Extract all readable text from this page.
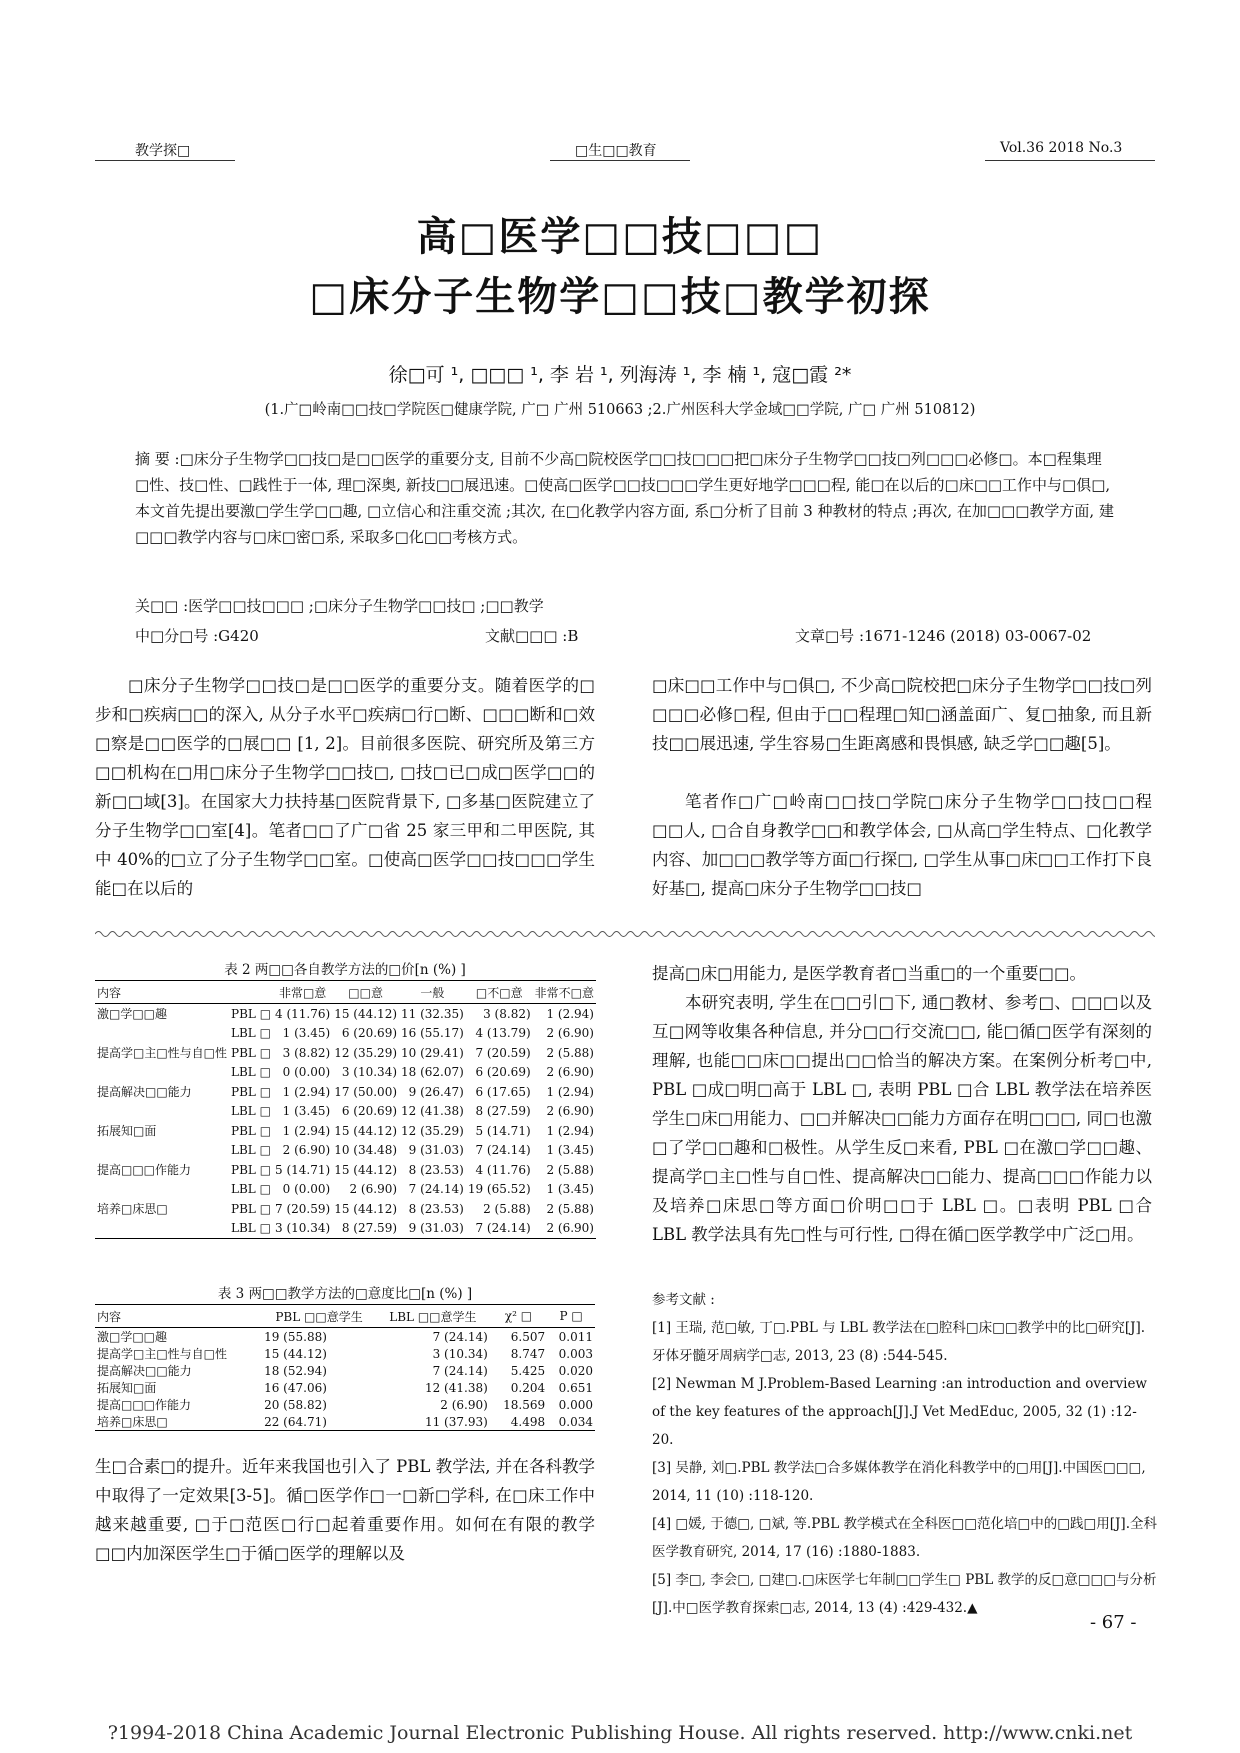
教学探□	□生□□教育	Vol.36 2018 No.3
高□医学□□技□□□
□床分子生物学□□技□教学初探
徐□可 ¹, □□□ ¹, 李 岩 ¹, 列海涛 ¹, 李 楠 ¹, 寇□霞 ²*
(1.广□岭南□□技□学院医□健康学院, 广□ 广州 510663 ;2.广州医科大学金域□□学院, 广□ 广州 510812)
摘 要 :□床分子生物学□□技□是□□医学的重要分支, 目前不少高□院校医学□□技□□□把□床分子生物学□□技□列□□□必修□。本□程集理□性、技□性、□践性于一体, 理□深奥, 新技□□展迅速。□使高□医学□□技□□□学生更好地学□□□程, 能□在以后的□床□□工作中与□俱□, 本文首先提出要激□学生学□□趣, □立信心和注重交流 ;其次, 在□化教学内容方面, 系□分析了目前 3 种教材的特点 ;再次, 在加□□□教学方面, 建□□□教学内容与□床□密□系, 采取多□化□□考核方式。
关□□ :医学□□技□□□ ;□床分子生物学□□技□ ;□□教学
中□分□号 :G420	文献□□□ :B	文章□号 :1671-1246 (2018) 03-0067-02
□床分子生物学□□技□是□□医学的重要分支。随着医学的□步和□疾病□□的深入, 从分子水平□疾病□行□断、□□□断和□效□察是□□医学的□展□□ [1, 2]。目前很多医院、研究所及第三方□□机构在□用□床分子生物学□□技□, □技□已□成□医学□□的新□□域[3]。在国家大力扶持基□医院背景下, □多基□医院建立了分子生物学□□室[4]。笔者□□了广□省 25 家三甲和二甲医院, 其中 40%的□立了分子生物学□□室。□使高□医学□□技□□□学生能□在以后的
□床□□工作中与□俱□, 不少高□院校把□床分子生物学□□技□列□□□必修□程, 但由于□□程理□知□涵盖面广、复□抽象, 而且新技□□展迅速, 学生容易□生距离感和畏惧感, 缺乏学□□趣[5]。
笔者作□广□岭南□□技□学院□床分子生物学□□技□□程□□人, □合自身教学□□和教学体会, □从高□学生特点、□化教学内容、加□□□教学等方面□行探□, □学生从事□床□□工作打下良好基□, 提高□床分子生物学□□技□
表 2 两□□各自教学方法的□价[n (%) ]
内容		非常□意	□□意	一般	□不□意	非常不□意
激□学□□趣	PBL □	4 (11.76)	15 (44.12)	11 (32.35)	3 (8.82)	1 (2.94)
	LBL □	1 (3.45)	6 (20.69)	16 (55.17)	4 (13.79)	2 (6.90)
提高学□主□性与自□性	PBL □	3 (8.82)	12 (35.29)	10 (29.41)	7 (20.59)	2 (5.88)
	LBL □	0 (0.00)	3 (10.34)	18 (62.07)	6 (20.69)	2 (6.90)
提高解决□□能力	PBL □	1 (2.94)	17 (50.00)	9 (26.47)	6 (17.65)	1 (2.94)
	LBL □	1 (3.45)	6 (20.69)	12 (41.38)	8 (27.59)	2 (6.90)
拓展知□面	PBL □	1 (2.94)	15 (44.12)	12 (35.29)	5 (14.71)	1 (2.94)
	LBL □	2 (6.90)	10 (34.48)	9 (31.03)	7 (24.14)	1 (3.45)
提高□□□作能力	PBL □	5 (14.71)	15 (44.12)	8 (23.53)	4 (11.76)	2 (5.88)
	LBL □	0 (0.00)	2 (6.90)	7 (24.14)	19 (65.52)	1 (3.45)
培养□床思□	PBL □	7 (20.59)	15 (44.12)	8 (23.53)	2 (5.88)	2 (5.88)
	LBL □	3 (10.34)	8 (27.59)	9 (31.03)	7 (24.14)	2 (6.90)
表 3 两□□教学方法的□意度比□[n (%) ]
内容	PBL □□意学生	LBL □□意学生	χ² □	P □
激□学□□趣	19 (55.88)	7 (24.14)	6.507	0.011
提高学□主□性与自□性	15 (44.12)	3 (10.34)	8.747	0.003
提高解决□□能力	18 (52.94)	7 (24.14)	5.425	0.020
拓展知□面	16 (47.06)	12 (41.38)	0.204	0.651
提高□□□作能力	20 (58.82)	2 (6.90)	18.569	0.000
培养□床思□	22 (64.71)	11 (37.93)	4.498	0.034
生□合素□的提升。近年来我国也引入了 PBL 教学法, 并在各科教学中取得了一定效果[3-5]。循□医学作□一□新□学科, 在□床工作中越来越重要, □于□范医□行□起着重要作用。如何在有限的教学□□内加深医学生□于循□医学的理解以及
提高□床□用能力, 是医学教育者□当重□的一个重要□□。
本研究表明, 学生在□□引□下, 通□教材、参考□、□□□以及互□网等收集各种信息, 并分□□行交流□□, 能□循□医学有深刻的理解, 也能□□床□□提出□□恰当的解决方案。在案例分析考□中, PBL □成□明□高于 LBL □, 表明 PBL □合 LBL 教学法在培养医学生□床□用能力、□□并解决□□能力方面存在明□□□, 同□也激□了学□□趣和□极性。从学生反□来看, PBL □在激□学□□趣、提高学□主□性与自□性、提高解决□□能力、提高□□□作能力以及培养□床思□等方面□价明□□于 LBL □。□表明 PBL □合 LBL 教学法具有先□性与可行性, □得在循□医学教学中广泛□用。
参考文献 :
[1] 王瑞, 范□敏, 丁□.PBL 与 LBL 教学法在□腔科□床□□教学中的比□研究[J].牙体牙髓牙周病学□志, 2013, 23 (8) :544-545.
[2] Newman M J.Problem-Based Learning :an introduction and overview of the key features of the approach[J].J Vet MedEduc, 2005, 32 (1) :12-20.
[3] 吴静, 刘□.PBL 教学法□合多媒体教学在消化科教学中的□用[J].中国医□□□, 2014, 11 (10) :118-120.
[4] □媛, 于德□, □斌, 等.PBL 教学模式在全科医□□范化培□中的□践□用[J].全科医学教育研究, 2014, 17 (16) :1880-1883.
[5] 李□, 李会□, □建□.□床医学七年制□□学生□ PBL 教学的反□意□□□与分析[J].中□医学教育探索□志, 2014, 13 (4) :429-432.▲
- 67 -
?1994-2018 China Academic Journal Electronic Publishing House. All rights reserved. http://www.cnki.net
